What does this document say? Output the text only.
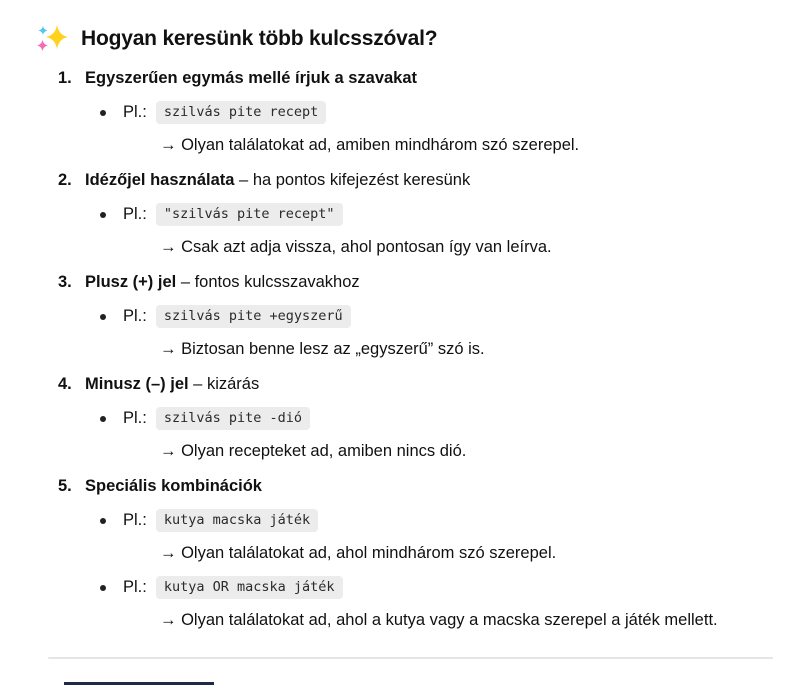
Hogyan keresünk több kulcsszóval?
1. Egyszerűen egymás mellé írjuk a szavakat
Pl.:	szilvás pite recept
→ Olyan találatokat ad, amiben mindhárom szó szerepel.
2. Idézőjel használata – ha pontos kifejezést keresünk
Pl.:	"szilvás pite recept"
→ Csak azt adja vissza, ahol pontosan így van leírva.
3. Plusz (+) jel – fontos kulcsszavakhoz
Pl.:	szilvás pite +egyszerű
→ Biztosan benne lesz az „egyszerű” szó is.
4. Minusz (–) jel – kizárás
Pl.:	szilvás pite -dió
→ Olyan recepteket ad, amiben nincs dió.
5. Speciális kombinációk
Pl.:	kutya macska játék
→ Olyan találatokat ad, ahol mindhárom szó szerepel.
Pl.:	kutya OR macska játék
→ Olyan találatokat ad, ahol a kutya vagy a macska szerepel a játék mellett.
